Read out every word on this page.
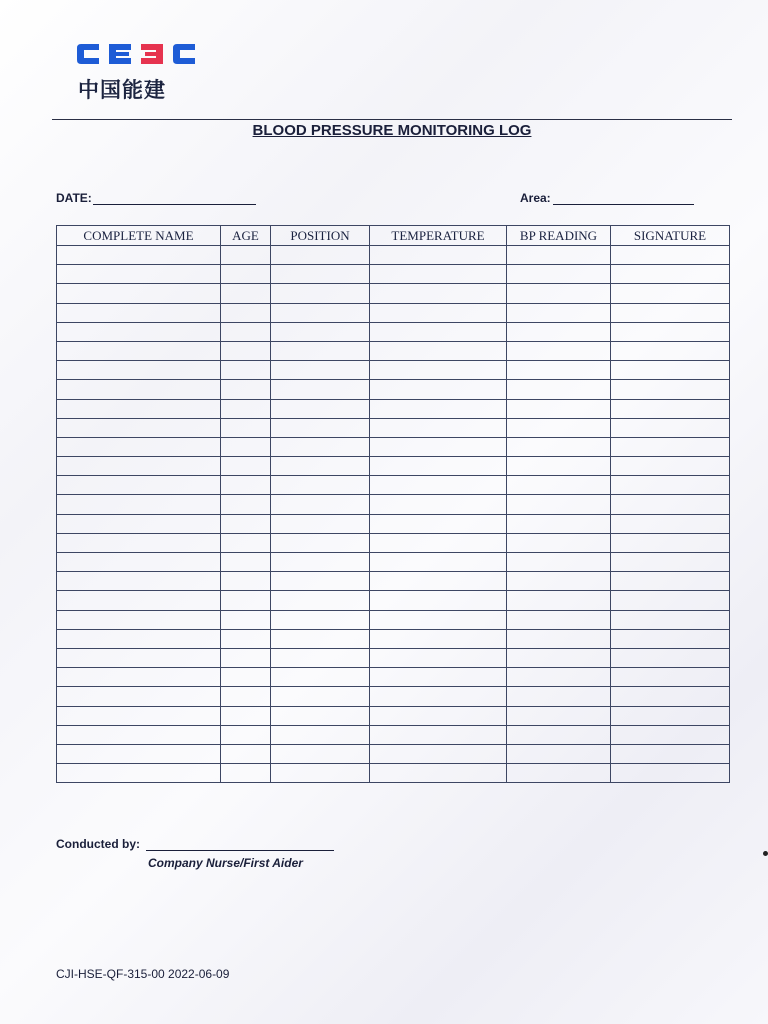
中国能建
BLOOD PRESSURE MONITORING LOG
DATE:	Area:
COMPLETE NAME	AGE	POSITION	TEMPERATURE	BP READING	SIGNATURE

Conducted by:
Company Nurse/First Aider
CJI-HSE-QF-315-00 2022-06-09
